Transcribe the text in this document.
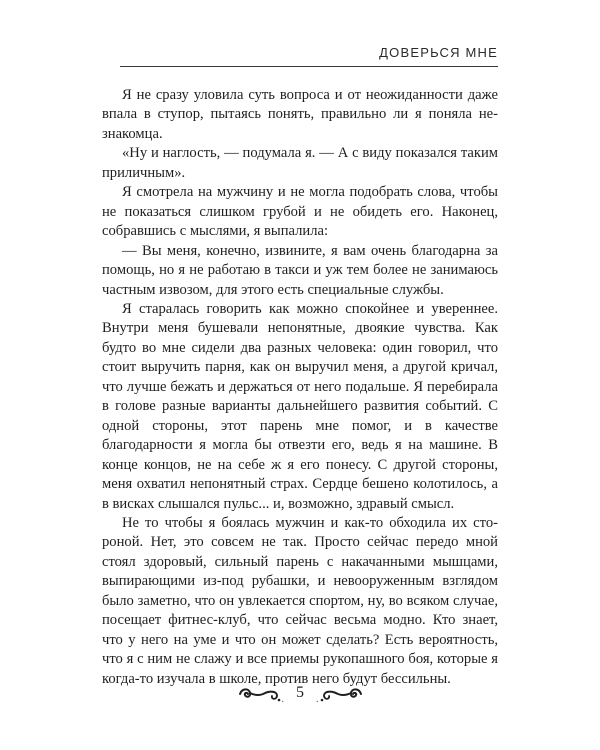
ДОВЕРЬСЯ МНЕ

Я не сразу уловила суть вопроса и от неожиданности даже впала в ступор, пытаясь понять, правильно ли я поняла незнакомца.

«Ну и наглость, — подумала я. — А с виду показался таким приличным».

Я смотрела на мужчину и не могла подобрать слова, чтобы не показаться слишком грубой и не обидеть его. Наконец, собравшись с мыслями, я выпалила:

— Вы меня, конечно, извините, я вам очень благодарна за помощь, но я не работаю в такси и уж тем более не занимаюсь частным извозом, для этого есть специальные службы.

Я старалась говорить как можно спокойнее и увереннее. Внутри меня бушевали непонятные, двоякие чувства. Как будто во мне сидели два разных человека: один говорил, что стоит выручить парня, как он выручил меня, а другой кричал, что лучше бежать и держаться от него подальше. Я перебирала в голове разные варианты дальнейшего развития событий. С одной стороны, этот парень мне помог, и в качестве благодарности я могла бы отвезти его, ведь я на машине. В конце концов, не на себе ж я его понесу. С другой стороны, меня охватил непонятный страх. Сердце бешено колотилось, а в висках слышался пульс... и, возможно, здравый смысл.

Не то чтобы я боялась мужчин и как-то обходила их стороной. Нет, это совсем не так. Просто сейчас передо мной стоял здоровый, сильный парень с накачанными мышцами, выпирающими из-под рубашки, и невооруженным взглядом было заметно, что он увлекается спортом, ну, во всяком случае, посещает фитнес-клуб, что сейчас весьма модно. Кто знает, что у него на уме и что он может сделать? Есть вероятность, что я с ним не слажу и все приемы рукопашного боя, которые я когда-то изучала в школе, против него будут бессильны.

. 5 .
